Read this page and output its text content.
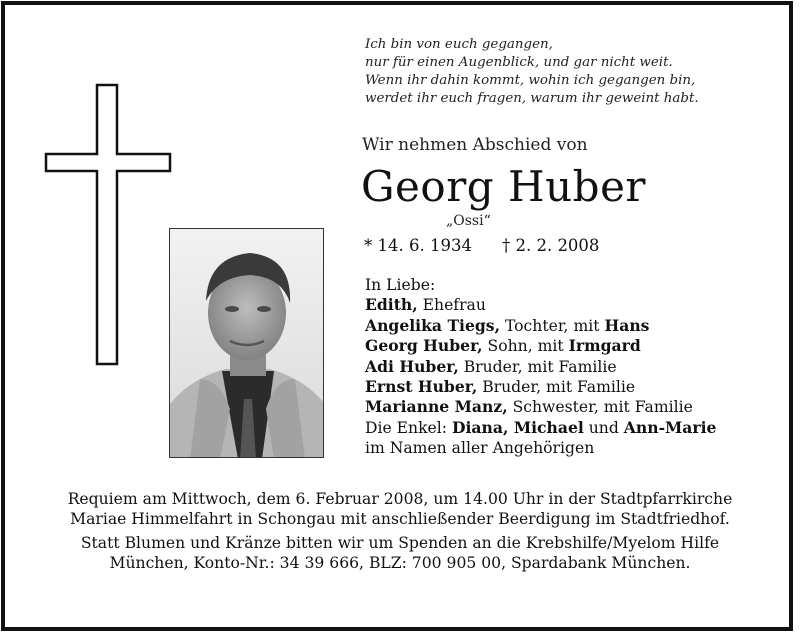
Ich bin von euch gegangen,
nur für einen Augenblick, und gar nicht weit.
Wenn ihr dahin kommt, wohin ich gegangen bin,
werdet ihr euch fragen, warum ihr geweint habt.
Wir nehmen Abschied von
Georg Huber
„Ossi“
* 14. 6. 1934 † 2. 2. 2008
In Liebe:
Edith, Ehefrau
Angelika Tiegs, Tochter, mit Hans
Georg Huber, Sohn, mit Irmgard
Adi Huber, Bruder, mit Familie
Ernst Huber, Bruder, mit Familie
Marianne Manz, Schwester, mit Familie
Die Enkel: Diana, Michael und Ann-Marie
im Namen aller Angehörigen

Requiem am Mittwoch, dem 6. Februar 2008, um 14.00 Uhr in der Stadtpfarrkirche Mariae Himmelfahrt in Schongau mit anschließender Beerdigung im Stadtfriedhof.

Statt Blumen und Kränze bitten wir um Spenden an die Krebshilfe/Myelom Hilfe München, Konto-Nr.: 34 39 666, BLZ: 700 905 00, Spardabank München.
